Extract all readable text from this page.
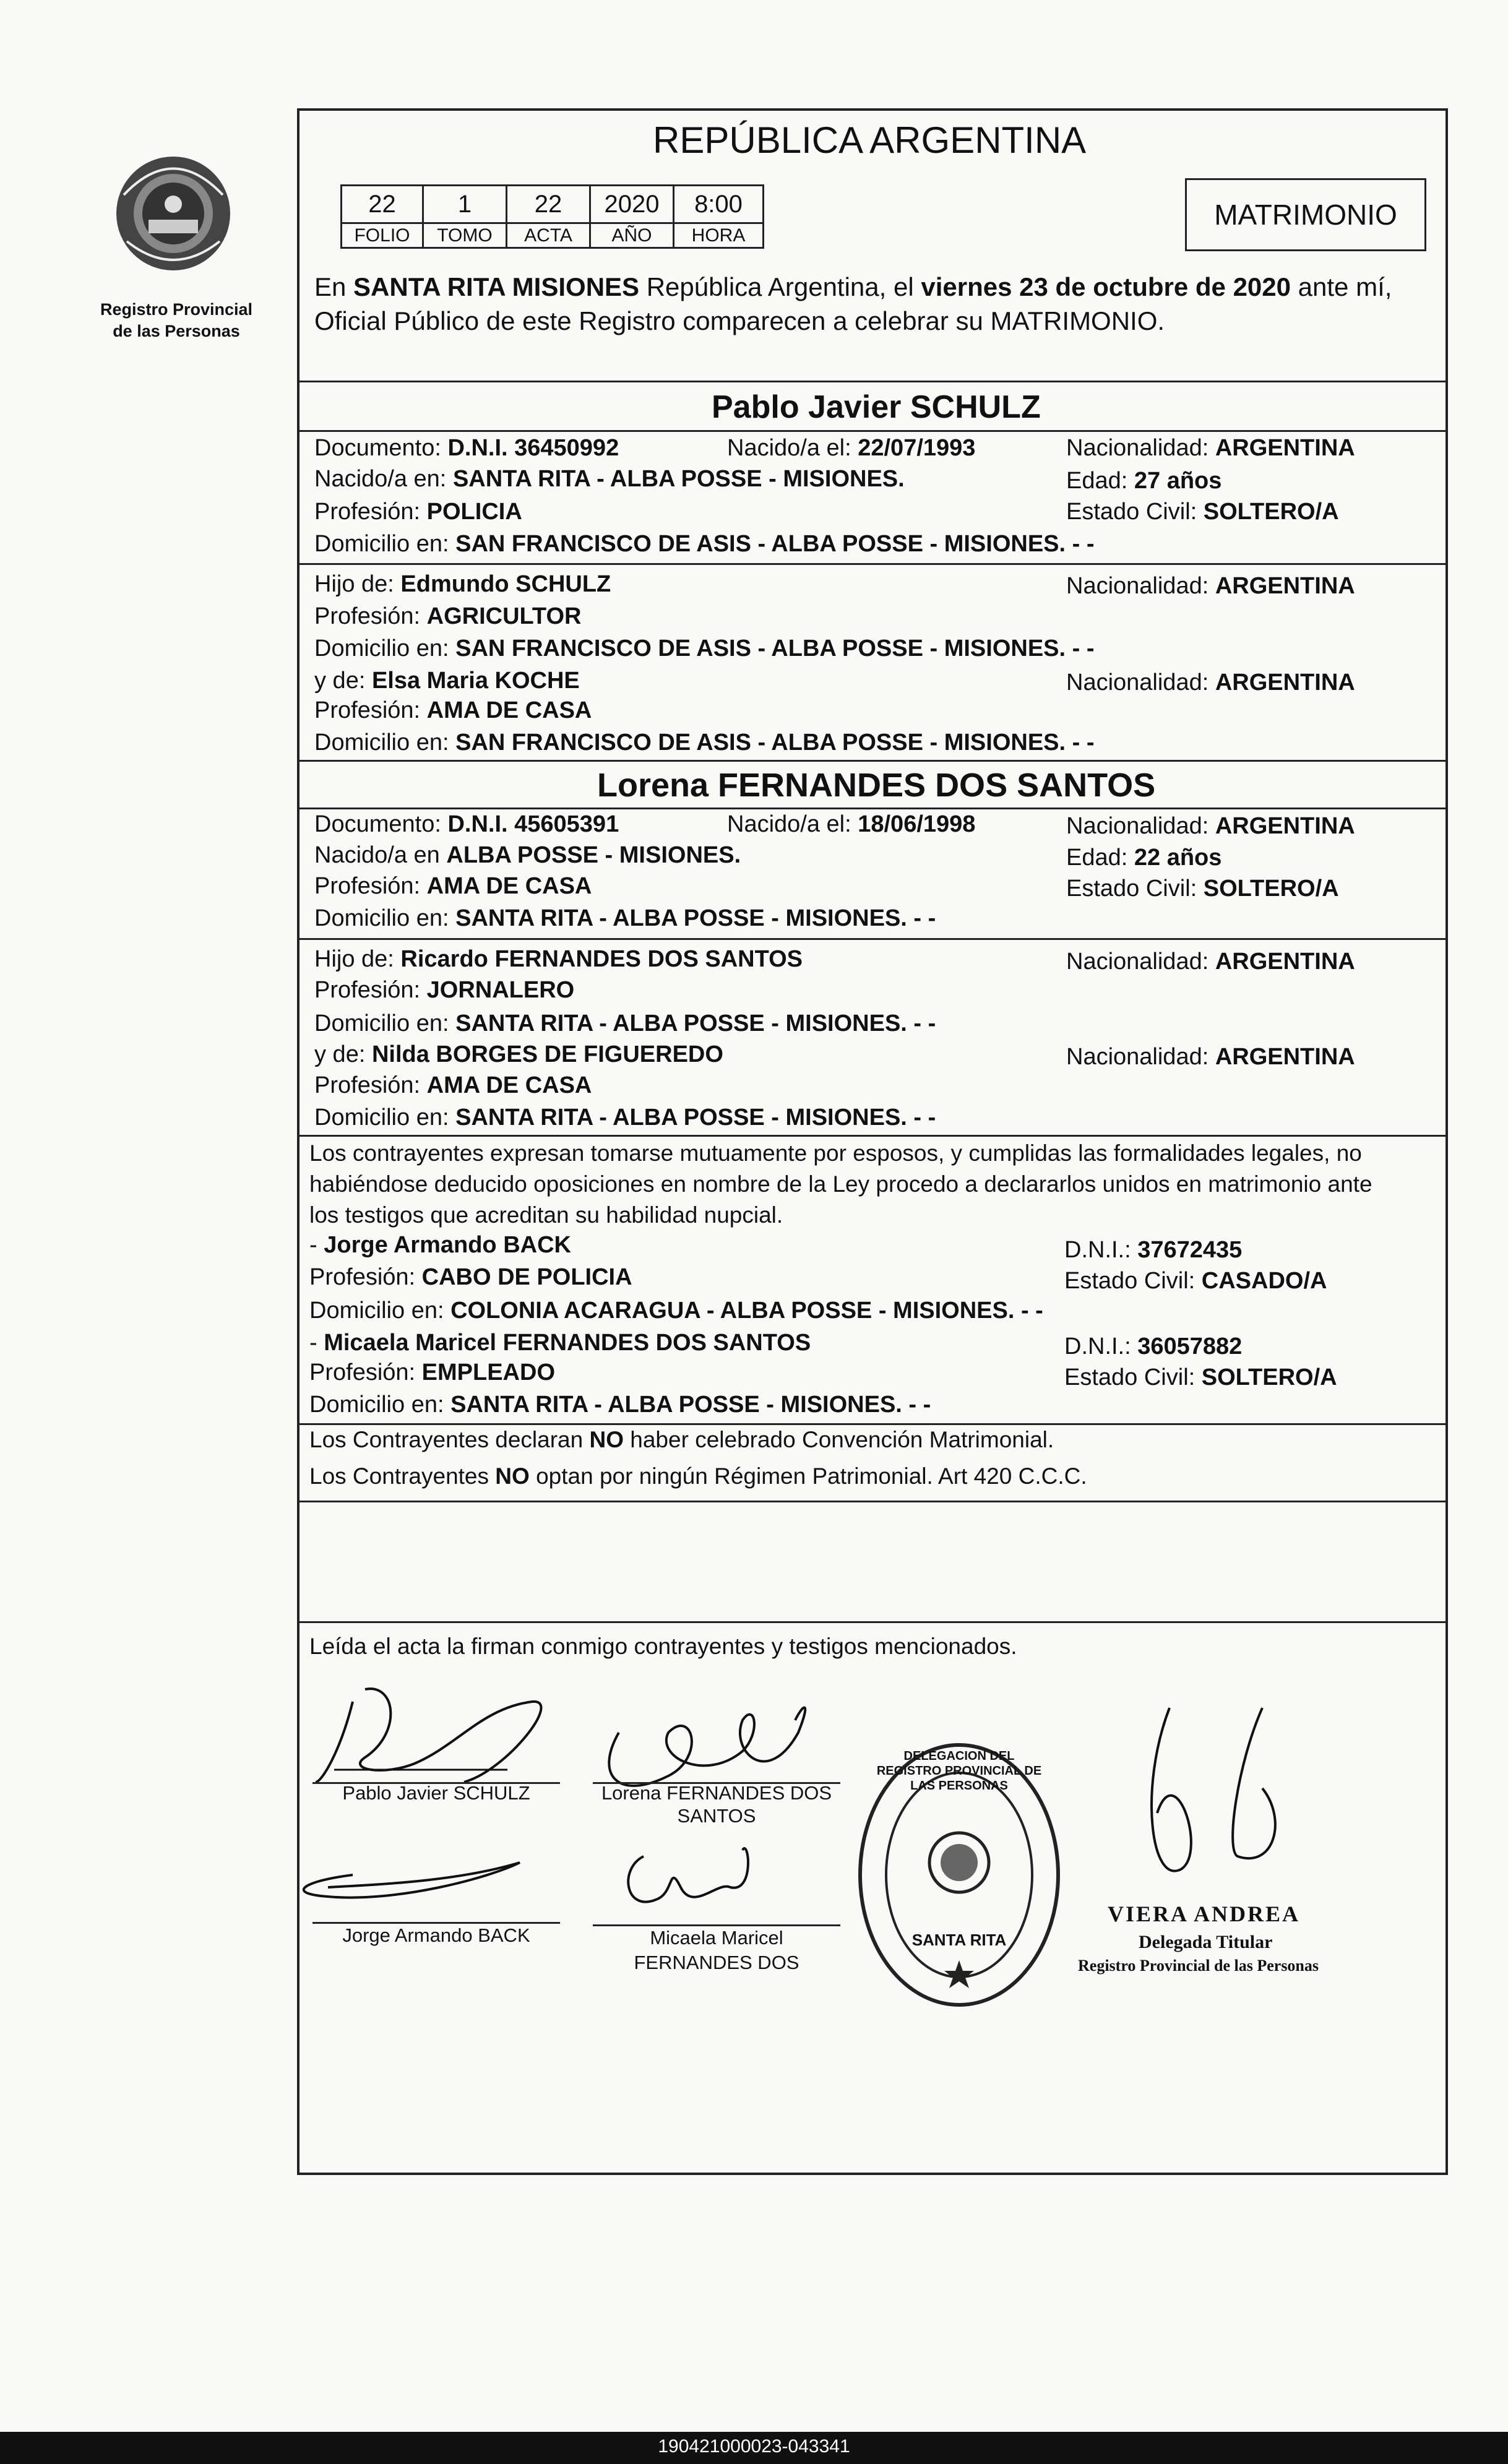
Registro Provincial
de las Personas
REPÚBLICA ARGENTINA
22	1	22	2020	8:00
FOLIO	TOMO	ACTA	AÑO	HORA
MATRIMONIO
En SANTA RITA MISIONES República Argentina, el viernes 23 de octubre de 2020 ante mí,
Oficial Público de este Registro comparecen a celebrar su MATRIMONIO.
Pablo Javier SCHULZ
Documento: D.N.I. 36450992	Nacido/a el: 22/07/1993	Nacionalidad: ARGENTINA
Nacido/a en: SANTA RITA - ALBA POSSE - MISIONES.	Edad: 27 años
Profesión: POLICIA	Estado Civil: SOLTERO/A
Domicilio en: SAN FRANCISCO DE ASIS - ALBA POSSE - MISIONES. - -
Hijo de: Edmundo SCHULZ	Nacionalidad: ARGENTINA
Profesión: AGRICULTOR
Domicilio en: SAN FRANCISCO DE ASIS - ALBA POSSE - MISIONES. - -
y de: Elsa Maria KOCHE	Nacionalidad: ARGENTINA
Profesión: AMA DE CASA
Domicilio en: SAN FRANCISCO DE ASIS - ALBA POSSE - MISIONES. - -
Lorena FERNANDES DOS SANTOS
Documento: D.N.I. 45605391	Nacido/a el: 18/06/1998	Nacionalidad: ARGENTINA
Nacido/a en ALBA POSSE - MISIONES.	Edad: 22 años
Profesión: AMA DE CASA	Estado Civil: SOLTERO/A
Domicilio en: SANTA RITA - ALBA POSSE - MISIONES. - -
Hijo de: Ricardo FERNANDES DOS SANTOS	Nacionalidad: ARGENTINA
Profesión: JORNALERO
Domicilio en: SANTA RITA - ALBA POSSE - MISIONES. - -
y de: Nilda BORGES DE FIGUEREDO	Nacionalidad: ARGENTINA
Profesión: AMA DE CASA
Domicilio en: SANTA RITA - ALBA POSSE - MISIONES. - -
Los contrayentes expresan tomarse mutuamente por esposos, y cumplidas las formalidades legales, no
habiéndose deducido oposiciones en nombre de la Ley procedo a declararlos unidos en matrimonio ante
los testigos que acreditan su habilidad nupcial.
- Jorge Armando BACK	D.N.I.: 37672435
Profesión: CABO DE POLICIA	Estado Civil: CASADO/A
Domicilio en: COLONIA ACARAGUA - ALBA POSSE - MISIONES. - -
- Micaela Maricel FERNANDES DOS SANTOS	D.N.I.: 36057882
Profesión: EMPLEADO	Estado Civil: SOLTERO/A
Domicilio en: SANTA RITA - ALBA POSSE - MISIONES. - -
Los Contrayentes declaran NO haber celebrado Convención Matrimonial.
Los Contrayentes NO optan por ningún Régimen Patrimonial. Art 420 C.C.C.
Leída el acta la firman conmigo contrayentes y testigos mencionados.
Pablo Javier SCHULZ	Lorena FERNANDES DOS
SANTOS
Jorge Armando BACK	Micaela Maricel
FERNANDES DOS
DELEGACION DEL REGISTRO PROVINCIAL DE LAS PERSONAS
SANTA RITA
VIERA ANDREA
Delegada Titular
Registro Provincial de las Personas
190421000023-043341
